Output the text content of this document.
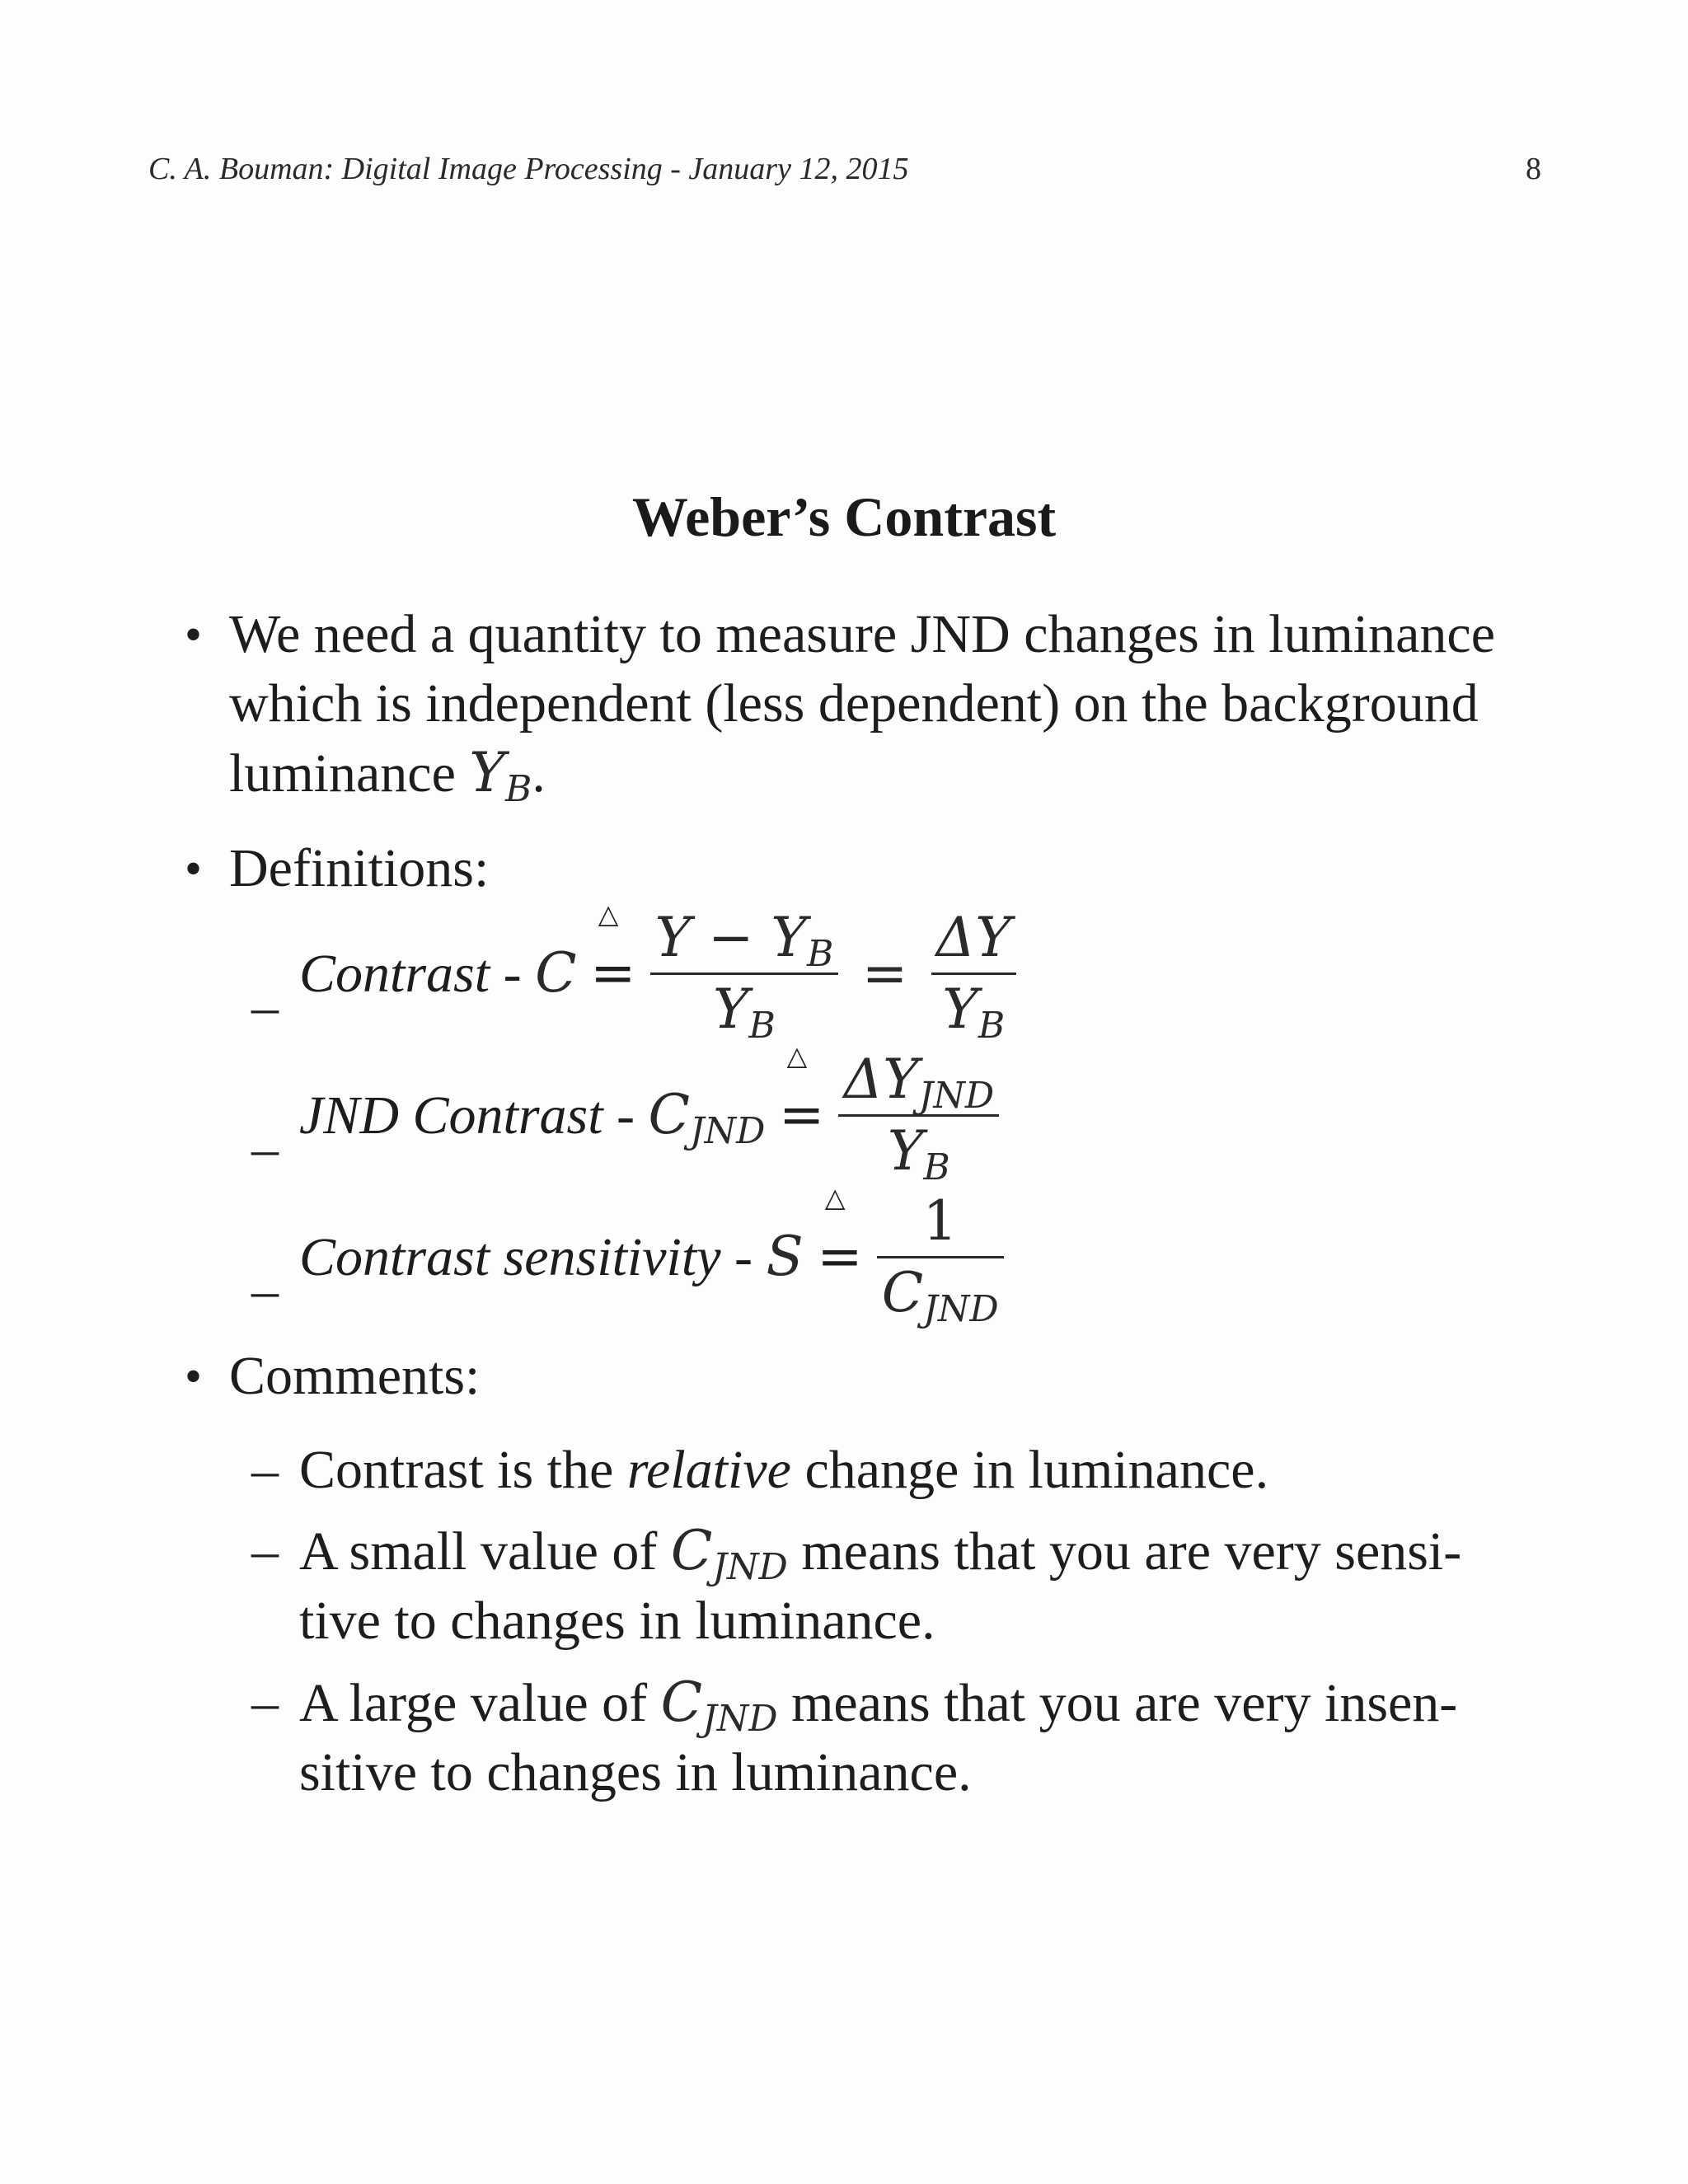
C. A. Bouman: Digital Image Processing - January 12, 2015	8
Weber’s Contrast
• We need a quantity to measure JND changes in luminance
which is independent (less dependent) on the background
luminance $Y_B$.
• Definitions:
–
Contrast - C
△
= $\frac{Y - Y_B}{Y_B} = \frac{\Delta Y}{Y_B}$
–
JND Contrast - $C_{JND}$
△
= $\frac{\Delta Y_{JND}}{Y_B}$
–
Contrast sensitivity - S
△
= $\frac{1}{C_{JND}}$
• Comments:
– Contrast is the relative change in luminance.
– A small value of $C_{JND}$ means that you are very sensi-
tive to changes in luminance.
– A large value of $C_{JND}$ means that you are very insen-
sitive to changes in luminance.
